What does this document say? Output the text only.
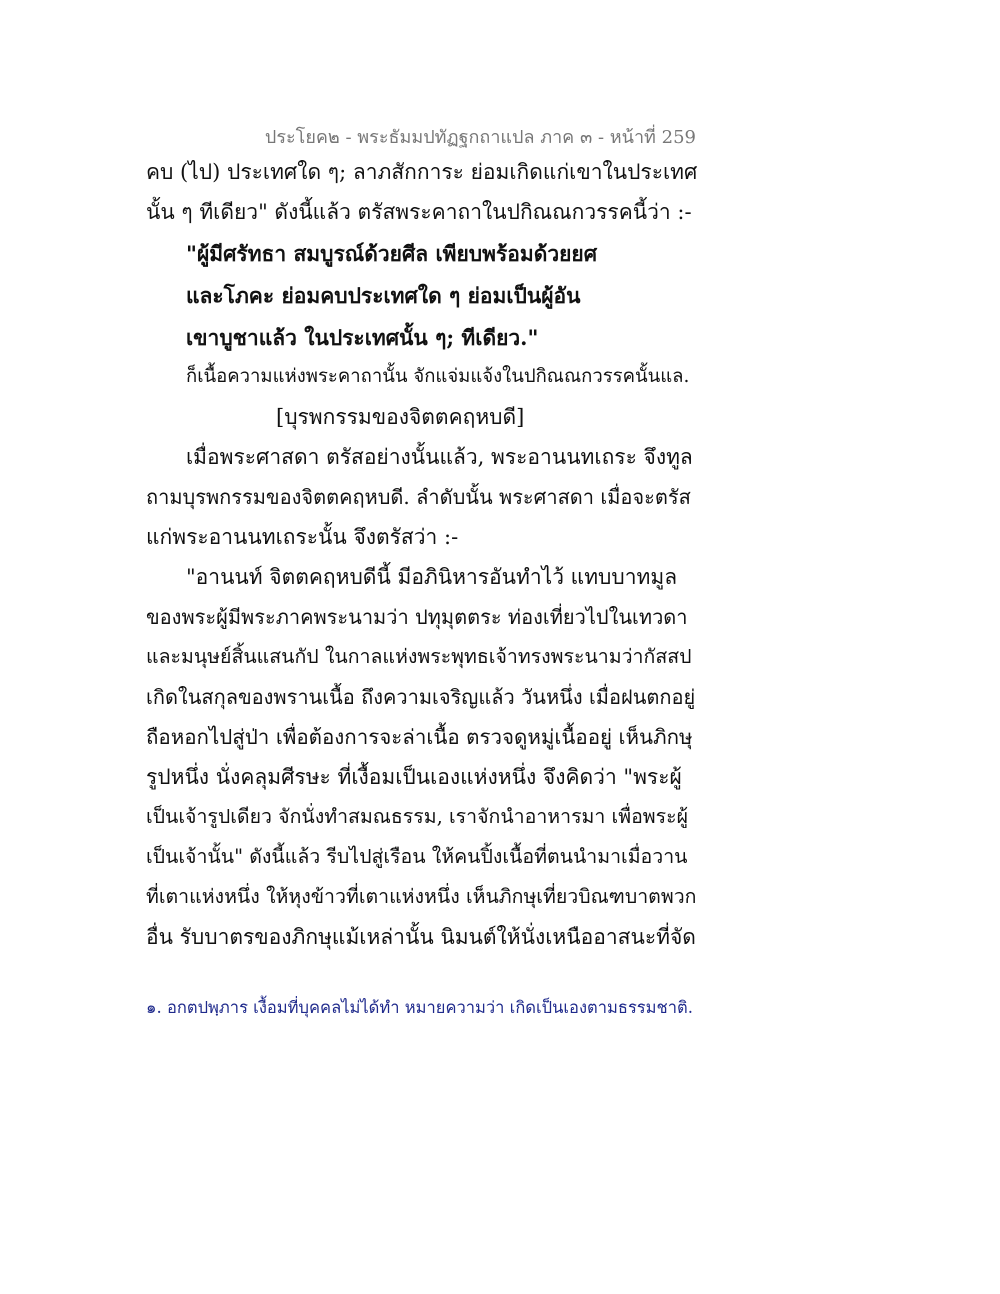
ประโยค๒ - พระธัมมปทัฏฐกถาแปล ภาค ๓ - หน้าที่ 259
คบ (ไป) ประเทศใด ๆ; ลาภสักการะ ย่อมเกิดแก่เขาในประเทศ
นั้น ๆ ทีเดียว" ดังนี้แล้ว ตรัสพระคาถาในปกิณณกวรรคนี้ว่า :-
"ผู้มีศรัทธา สมบูรณ์ด้วยศีล เพียบพร้อมด้วยยศ
และโภคะ ย่อมคบประเทศใด ๆ ย่อมเป็นผู้อัน
เขาบูชาแล้ว ในประเทศนั้น ๆ; ทีเดียว."
ก็เนื้อความแห่งพระคาถานั้น จักแจ่มแจ้งในปกิณณกวรรคนั้นแล.
[บุรพกรรมของจิตตคฤหบดี]
เมื่อพระศาสดา ตรัสอย่างนั้นแล้ว, พระอานนทเถระ จึงทูล
ถามบุรพกรรมของจิตตคฤหบดี. ลำดับนั้น พระศาสดา เมื่อจะตรัส
แก่พระอานนทเถระนั้น จึงตรัสว่า :-
"อานนท์ จิตตคฤหบดีนี้ มีอภินิหารอันทำไว้ แทบบาทมูล
ของพระผู้มีพระภาคพระนามว่า ปทุมุตตระ ท่องเที่ยวไปในเทวดา
และมนุษย์สิ้นแสนกัป ในกาลแห่งพระพุทธเจ้าทรงพระนามว่ากัสสป
เกิดในสกุลของพรานเนื้อ ถึงความเจริญแล้ว วันหนึ่ง เมื่อฝนตกอยู่
ถือหอกไปสู่ป่า เพื่อต้องการจะล่าเนื้อ ตรวจดูหมู่เนื้ออยู่ เห็นภิกษุ
รูปหนึ่ง นั่งคลุมศีรษะ ที่เงื้อมเป็นเองแห่งหนึ่ง จึงคิดว่า "พระผู้
เป็นเจ้ารูปเดียว จักนั่งทำสมณธรรม, เราจักนำอาหารมา เพื่อพระผู้
เป็นเจ้านั้น" ดังนี้แล้ว รีบไปสู่เรือน ให้คนปิ้งเนื้อที่ตนนำมาเมื่อวาน
ที่เตาแห่งหนึ่ง ให้หุงข้าวที่เตาแห่งหนึ่ง เห็นภิกษุเที่ยวบิณฑบาตพวก
อื่น รับบาตรของภิกษุแม้เหล่านั้น นิมนต์ให้นั่งเหนืออาสนะที่จัด
๑. อกตปพฺภาร เงื้อมที่บุคคลไม่ได้ทำ หมายความว่า เกิดเป็นเองตามธรรมชาติ.
